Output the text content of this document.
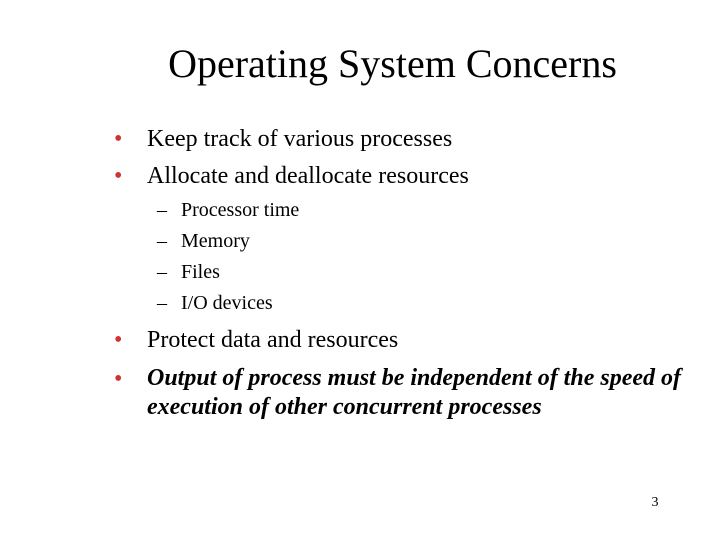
Operating System Concerns
•	Keep track of various processes
•	Allocate and deallocate resources
– Processor time
– Memory
– Files
– I/O devices
•	Protect data and resources
•	Output of process must be independent of the speed of execution of other concurrent processes
3
